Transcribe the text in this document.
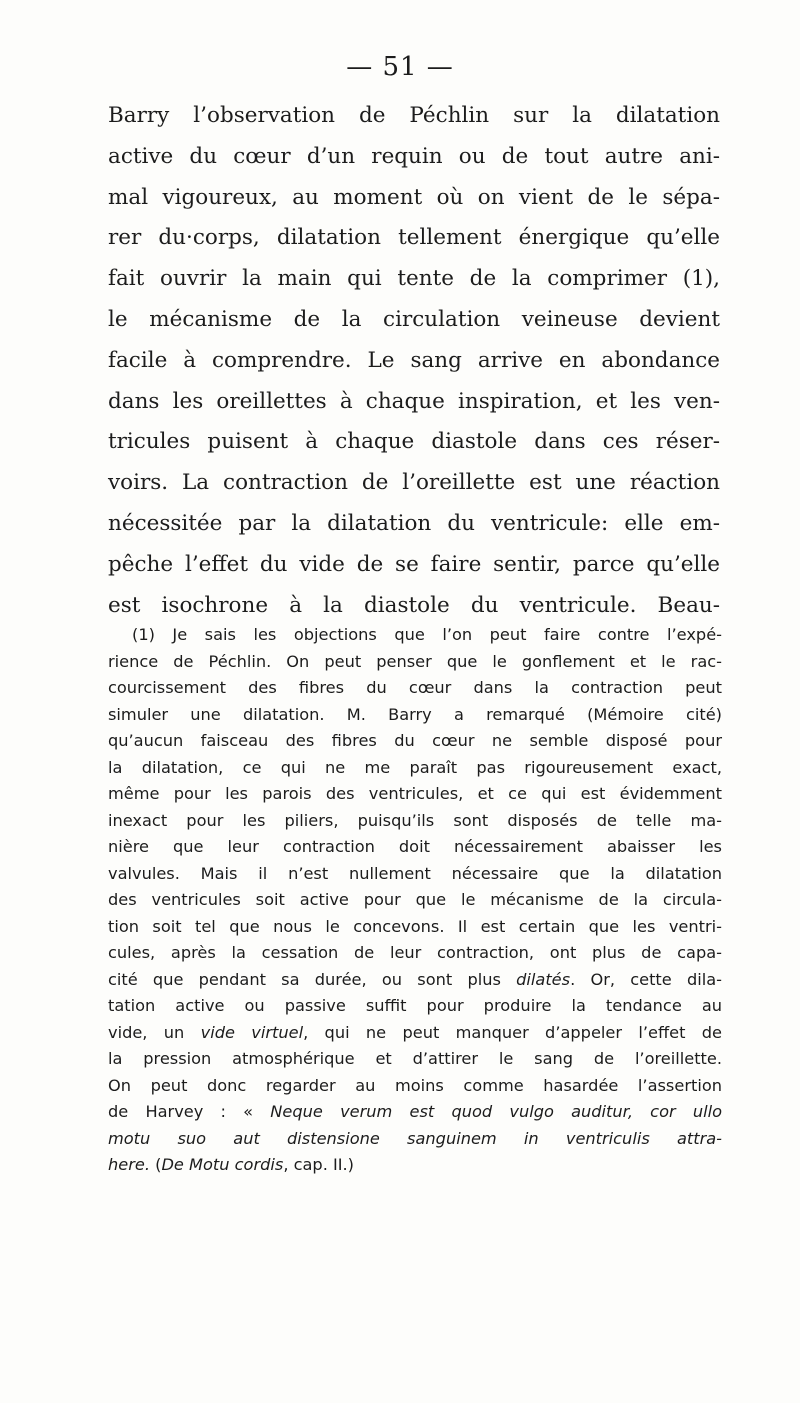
— 51 —
Barry l’observation de Péchlin sur la dilatation
active du cœur d’un requin ou de tout autre ani-
mal vigoureux, au moment où on vient de le sépa-
rer du·corps, dilatation tellement énergique qu’elle
fait ouvrir la main qui tente de la comprimer (1),
le mécanisme de la circulation veineuse devient
facile à comprendre. Le sang arrive en abondance
dans les oreillettes à chaque inspiration, et les ven-
tricules puisent à chaque diastole dans ces réser-
voirs. La contraction de l’oreillette est une réaction
nécessitée par la dilatation du ventricule: elle em-
pêche l’effet du vide de se faire sentir, parce qu’elle
est isochrone à la diastole du ventricule. Beau-
(1) Je sais les objections que l’on peut faire contre l’expé-
rience de Péchlin. On peut penser que le gonflement et le rac-
courcissement des fibres du cœur dans la contraction peut
simuler une dilatation. M. Barry a remarqué (Mémoire cité)
qu’aucun faisceau des fibres du cœur ne semble disposé pour
la dilatation, ce qui ne me paraît pas rigoureusement exact,
même pour les parois des ventricules, et ce qui est évidemment
inexact pour les piliers, puisqu’ils sont disposés de telle ma-
nière que leur contraction doit nécessairement abaisser les
valvules. Mais il n’est nullement nécessaire que la dilatation
des ventricules soit active pour que le mécanisme de la circula-
tion soit tel que nous le concevons. Il est certain que les ventri-
cules, après la cessation de leur contraction, ont plus de capa-
cité que pendant sa durée, ou sont plus dilatés. Or, cette dila-
tation active ou passive suffit pour produire la tendance au
vide, un vide virtuel, qui ne peut manquer d’appeler l’effet de
la pression atmosphérique et d’attirer le sang de l’oreillette.
On peut donc regarder au moins comme hasardée l’assertion
de Harvey : « Neque verum est quod vulgo auditur, cor ullo
motu suo aut distensione sanguinem in ventriculis attra-
here. (De Motu cordis, cap. II.)
